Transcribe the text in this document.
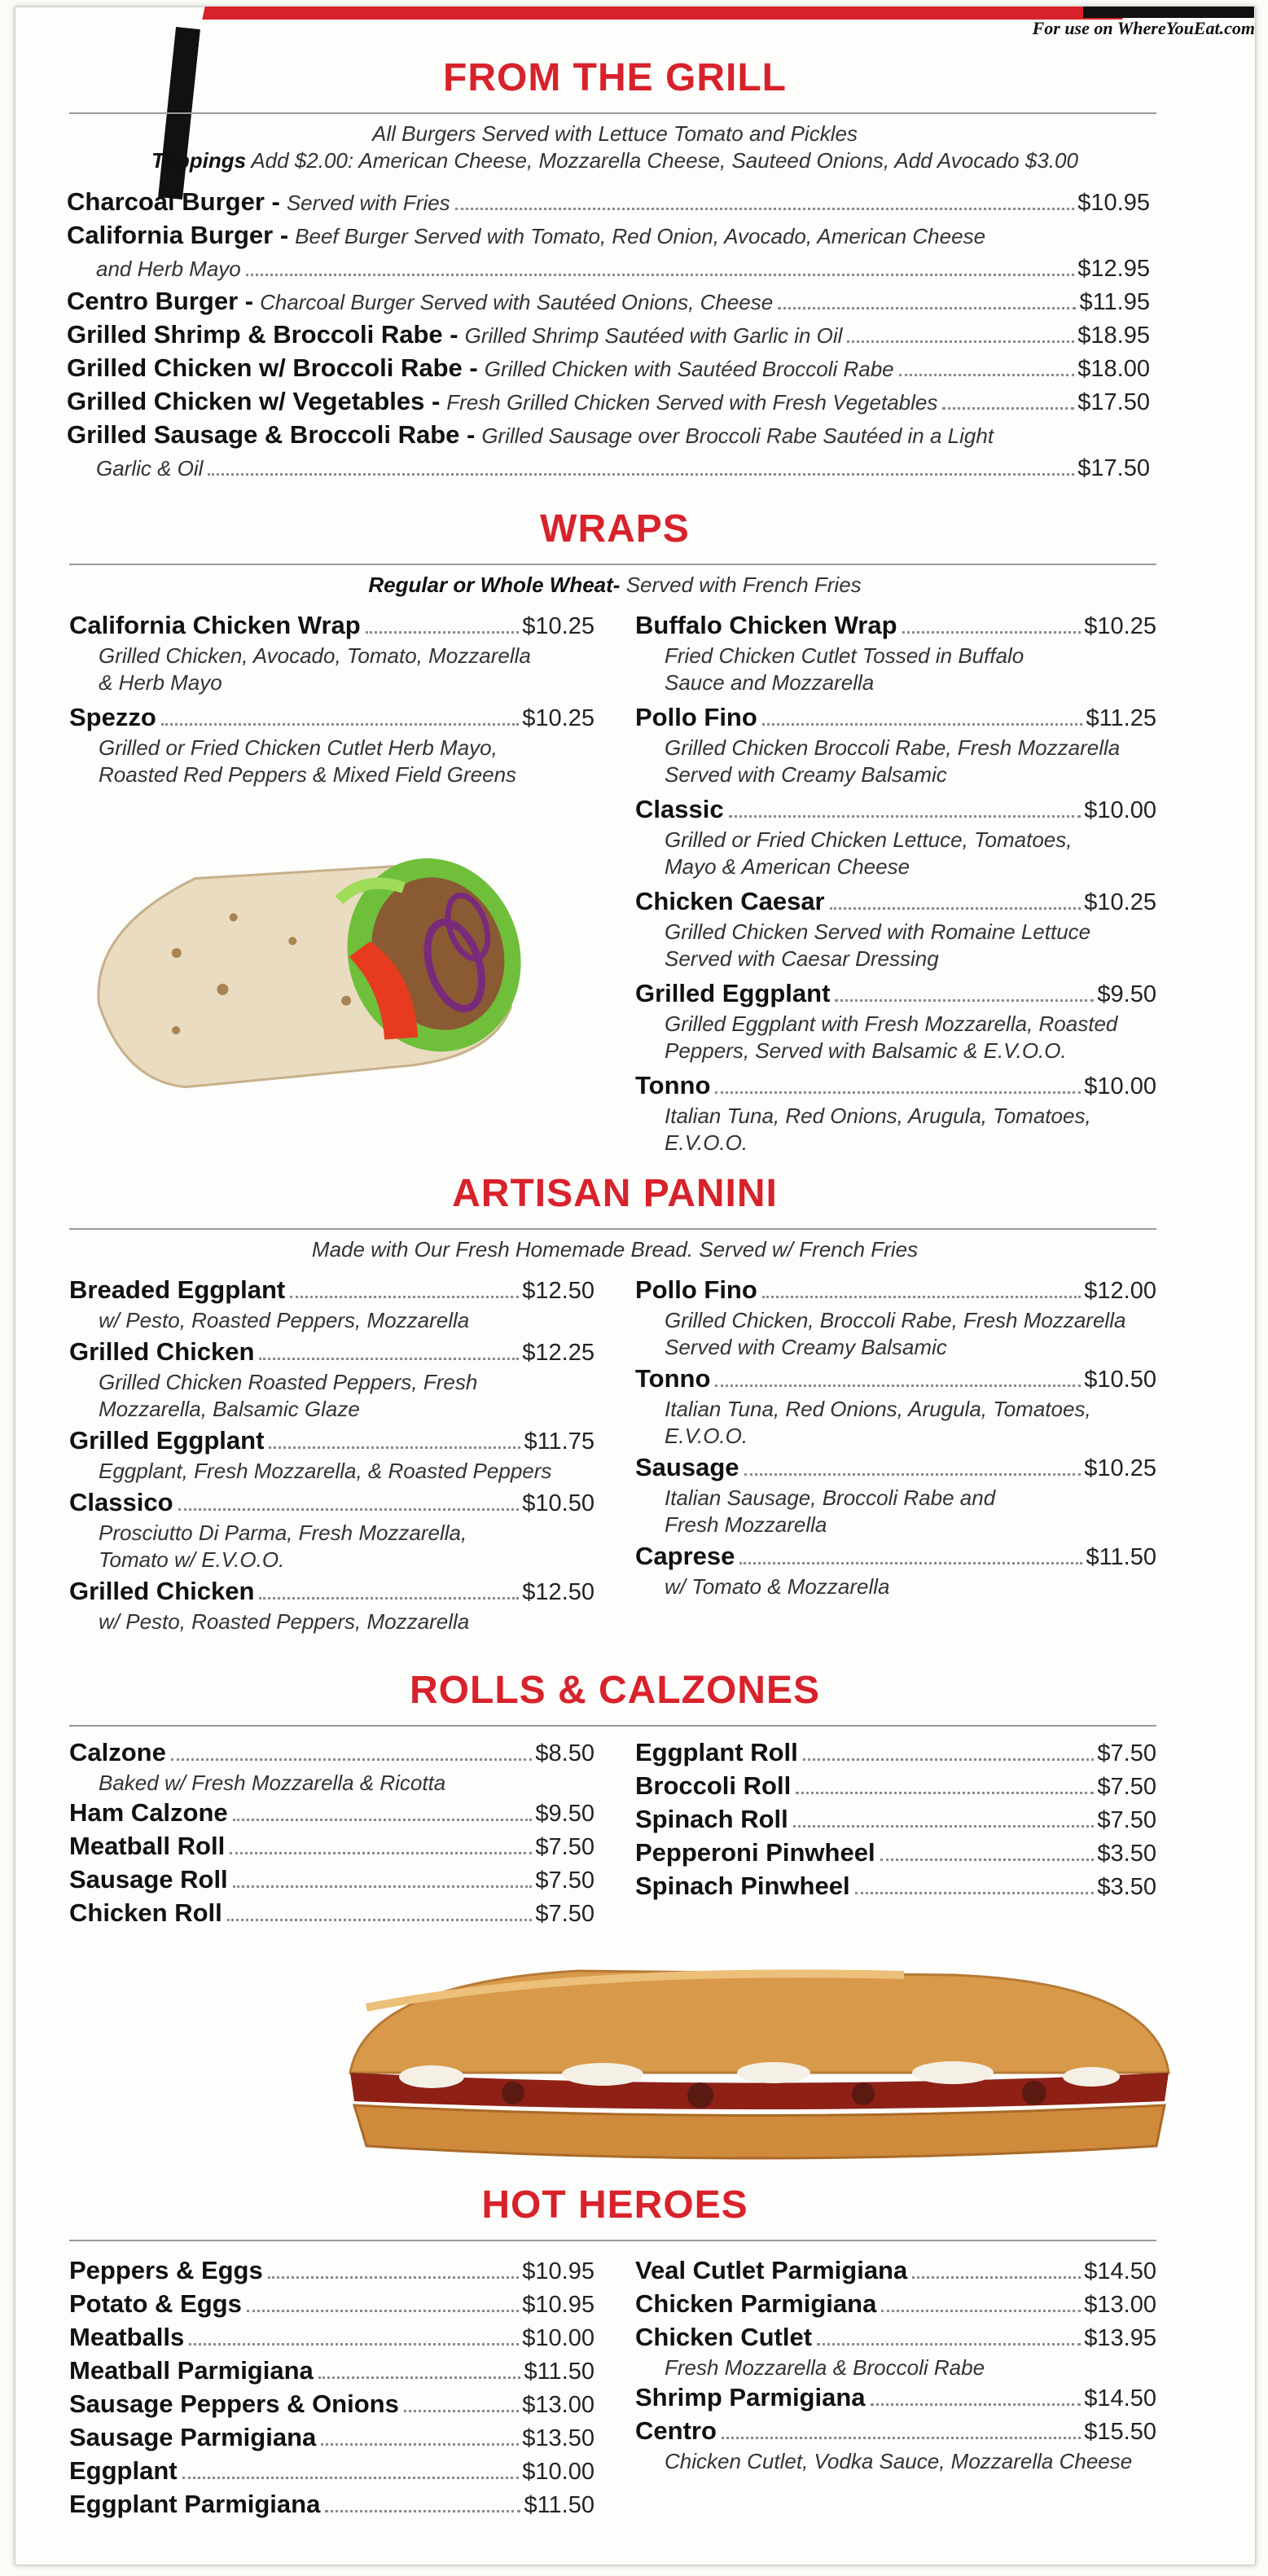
For use on WhereYouEat.com
FROM THE GRILL
All Burgers Served with Lettuce Tomato and Pickles
Toppings Add $2.00: American Cheese, Mozzarella Cheese, Sauteed Onions, Add Avocado $3.00
Charcoal Burger - Served with Fries	$10.95
California Burger - Beef Burger Served with Tomato, Red Onion, Avocado, American Cheese
and Herb Mayo	$12.95
Centro Burger - Charcoal Burger Served with Sautéed Onions, Cheese	$11.95
Grilled Shrimp & Broccoli Rabe - Grilled Shrimp Sautéed with Garlic in Oil	$18.95
Grilled Chicken w/ Broccoli Rabe - Grilled Chicken with Sautéed Broccoli Rabe	$18.00
Grilled Chicken w/ Vegetables - Fresh Grilled Chicken Served with Fresh Vegetables	$17.50
Grilled Sausage & Broccoli Rabe - Grilled Sausage over Broccoli Rabe Sautéed in a Light
Garlic & Oil	$17.50
WRAPS
Regular or Whole Wheat- Served with French Fries
California Chicken Wrap	$10.25
Grilled Chicken, Avocado, Tomato, Mozzarella
& Herb Mayo
Spezzo	$10.25
Grilled or Fried Chicken Cutlet Herb Mayo,
Roasted Red Peppers & Mixed Field Greens
Buffalo Chicken Wrap	$10.25
Fried Chicken Cutlet Tossed in Buffalo
Sauce and Mozzarella
Pollo Fino	$11.25
Grilled Chicken Broccoli Rabe, Fresh Mozzarella
Served with Creamy Balsamic
Classic	$10.00
Grilled or Fried Chicken Lettuce, Tomatoes,
Mayo & American Cheese
Chicken Caesar	$10.25
Grilled Chicken Served with Romaine Lettuce
Served with Caesar Dressing
Grilled Eggplant	$9.50
Grilled Eggplant with Fresh Mozzarella, Roasted
Peppers, Served with Balsamic & E.V.O.O.
Tonno	$10.00
Italian Tuna, Red Onions, Arugula, Tomatoes,
E.V.O.O.
ARTISAN PANINI
Made with Our Fresh Homemade Bread. Served w/ French Fries
Breaded Eggplant	$12.50
w/ Pesto, Roasted Peppers, Mozzarella
Grilled Chicken	$12.25
Grilled Chicken Roasted Peppers, Fresh
Mozzarella, Balsamic Glaze
Grilled Eggplant	$11.75
Eggplant, Fresh Mozzarella, & Roasted Peppers
Classico	$10.50
Prosciutto Di Parma, Fresh Mozzarella,
Tomato w/ E.V.O.O.
Grilled Chicken	$12.50
w/ Pesto, Roasted Peppers, Mozzarella
Pollo Fino	$12.00
Grilled Chicken, Broccoli Rabe, Fresh Mozzarella
Served with Creamy Balsamic
Tonno	$10.50
Italian Tuna, Red Onions, Arugula, Tomatoes,
E.V.O.O.
Sausage	$10.25
Italian Sausage, Broccoli Rabe and
Fresh Mozzarella
Caprese	$11.50
w/ Tomato & Mozzarella
ROLLS & CALZONES
Calzone	$8.50
Baked w/ Fresh Mozzarella & Ricotta
Ham Calzone	$9.50
Meatball Roll	$7.50
Sausage Roll	$7.50
Chicken Roll	$7.50
Eggplant Roll	$7.50
Broccoli Roll	$7.50
Spinach Roll	$7.50
Pepperoni Pinwheel	$3.50
Spinach Pinwheel	$3.50
HOT HEROES
Peppers & Eggs	$10.95
Potato & Eggs	$10.95
Meatballs	$10.00
Meatball Parmigiana	$11.50
Sausage Peppers & Onions	$13.00
Sausage Parmigiana	$13.50
Eggplant	$10.00
Eggplant Parmigiana	$11.50
Veal Cutlet Parmigiana	$14.50
Chicken Parmigiana	$13.00
Chicken Cutlet	$13.95
Fresh Mozzarella & Broccoli Rabe
Shrimp Parmigiana	$14.50
Centro	$15.50
Chicken Cutlet, Vodka Sauce, Mozzarella Cheese
